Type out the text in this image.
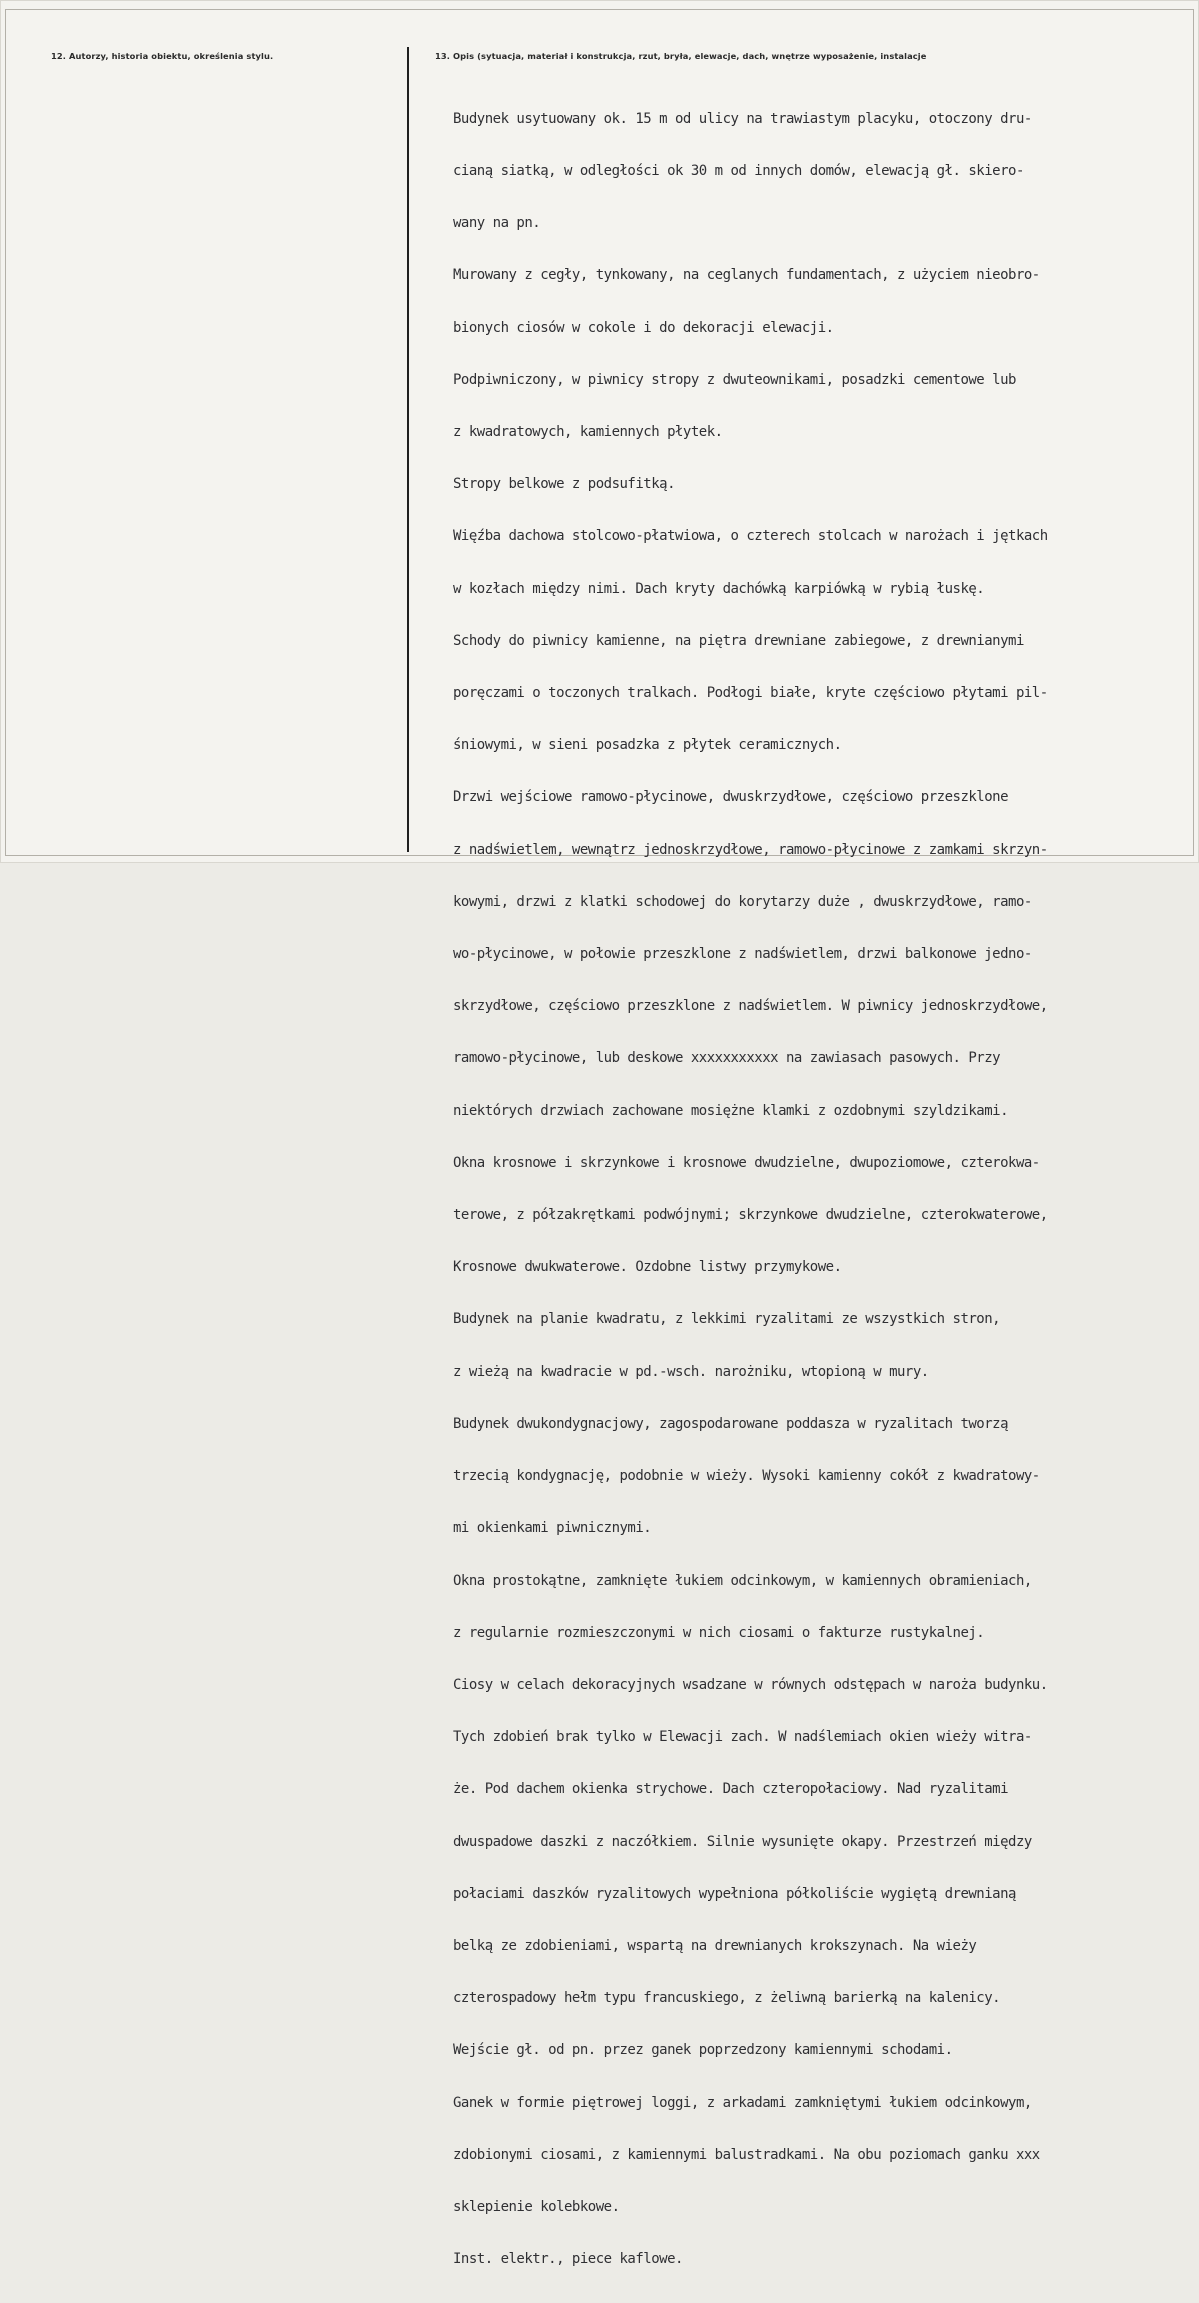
12. Autorzy, historia obiektu, określenia stylu.	13. Opis (sytuacja, materiał i konstrukcja, rzut, bryła, elewacje, dach, wnętrze wyposażenie, instalacje

Budynek usytuowany ok. 15 m od ulicy na trawiastym placyku, otoczony dru-

cianą siatką, w odległości ok 30 m od innych domów, elewacją gł. skiero-

wany na pn.

Murowany z cegły, tynkowany, na ceglanych fundamentach, z użyciem nieobro-

bionych ciosów w cokole i do dekoracji elewacji.

Podpiwniczony, w piwnicy stropy z dwuteownikami, posadzki cementowe lub

z kwadratowych, kamiennych płytek.

Stropy belkowe z podsufitką.

Więźba dachowa stolcowo-płatwiowa, o czterech stolcach w narożach i jętkach

w kozłach między nimi. Dach kryty dachówką karpiówką w rybią łuskę.

Schody do piwnicy kamienne, na piętra drewniane zabiegowe, z drewnianymi

poręczami o toczonych tralkach. Podłogi białe, kryte częściowo płytami pil-

śniowymi, w sieni posadzka z płytek ceramicznych.

Drzwi wejściowe ramowo-płycinowe, dwuskrzydłowe, częściowo przeszklone

z nadświetlem, wewnątrz jednoskrzydłowe, ramowo-płycinowe z zamkami skrzyn-

kowymi, drzwi z klatki schodowej do korytarzy duże , dwuskrzydłowe, ramo-

wo-płycinowe, w połowie przeszklone z nadświetlem, drzwi balkonowe jedno-

skrzydłowe, częściowo przeszklone z nadświetlem. W piwnicy jednoskrzydłowe,

ramowo-płycinowe, lub deskowe xxxxxxxxxxx na zawiasach pasowych. Przy

niektórych drzwiach zachowane mosiężne klamki z ozdobnymi szyldzikami.

Okna krosnowe i skrzynkowe i krosnowe dwudzielne, dwupoziomowe, czterokwa-

terowe, z półzakrętkami podwójnymi; skrzynkowe dwudzielne, czterokwaterowe,

Krosnowe dwukwaterowe. Ozdobne listwy przymykowe.

Budynek na planie kwadratu, z lekkimi ryzalitami ze wszystkich stron,

z wieżą na kwadracie w pd.-wsch. narożniku, wtopioną w mury.

Budynek dwukondygnacjowy, zagospodarowane poddasza w ryzalitach tworzą

trzecią kondygnację, podobnie w wieży. Wysoki kamienny cokół z kwadratowy-

mi okienkami piwnicznymi.

Okna prostokątne, zamknięte łukiem odcinkowym, w kamiennych obramieniach,

z regularnie rozmieszczonymi w nich ciosami o fakturze rustykalnej.

Ciosy w celach dekoracyjnych wsadzane w równych odstępach w naroża budynku.

Tych zdobień brak tylko w Elewacji zach. W nadślemiach okien wieży witra-

że. Pod dachem okienka strychowe. Dach czteropołaciowy. Nad ryzalitami

dwuspadowe daszki z naczółkiem. Silnie wysunięte okapy. Przestrzeń między

połaciami daszków ryzalitowych wypełniona półkoliście wygiętą drewnianą

belką ze zdobieniami, wspartą na drewnianych krokszynach. Na wieży

czterospadowy hełm typu francuskiego, z żeliwną barierką na kalenicy.

Wejście gł. od pn. przez ganek poprzedzony kamiennymi schodami.

Ganek w formie piętrowej loggi, z arkadami zamkniętymi łukiem odcinkowym,

zdobionymi ciosami, z kamiennymi balustradkami. Na obu poziomach ganku xxx

sklepienie kolebkowe.

Inst. elektr., piece kaflowe.
